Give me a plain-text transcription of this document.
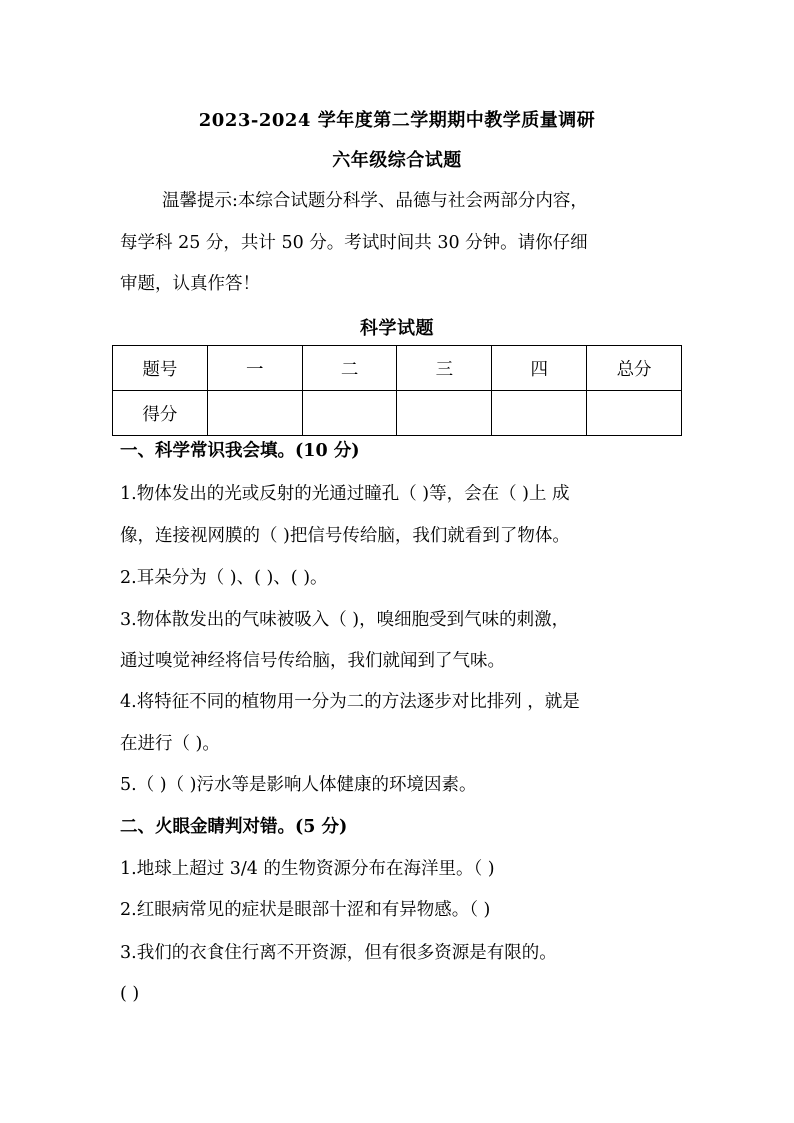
2023-2024 学年度第二学期期中教学质量调研
六年级综合试题
温馨提示:本综合试题分科学、品德与社会两部分内容，
每学科 25 分，共计 50 分。考试时间共 30 分钟。请你仔细
审题，认真作答！
科学试题
题号	一	二	三	四	总分
得分					
一、科学常识我会填。(10 分)
1.物体发出的光或反射的光通过瞳孔（ )等，会在（ )上 成
像，连接视网膜的（ )把信号传给脑，我们就看到了物体。
2.耳朵分为（ )、( )、( )。
3.物体散发出的气味被吸入（ )，嗅细胞受到气味的刺激，
通过嗅觉神经将信号传给脑，我们就闻到了气味。
4.将特征不同的植物用一分为二的方法逐步对比排列 ，就是
在进行（ )。
5.（ )（ )污水等是影响人体健康的环境因素。
二、火眼金睛判对错。(5 分)
1.地球上超过 3/4 的生物资源分布在海洋里。（ )
2.红眼病常见的症状是眼部十涩和有异物感。（ )
3.我们的衣食住行离不开资源，但有很多资源是有限的。
( )
